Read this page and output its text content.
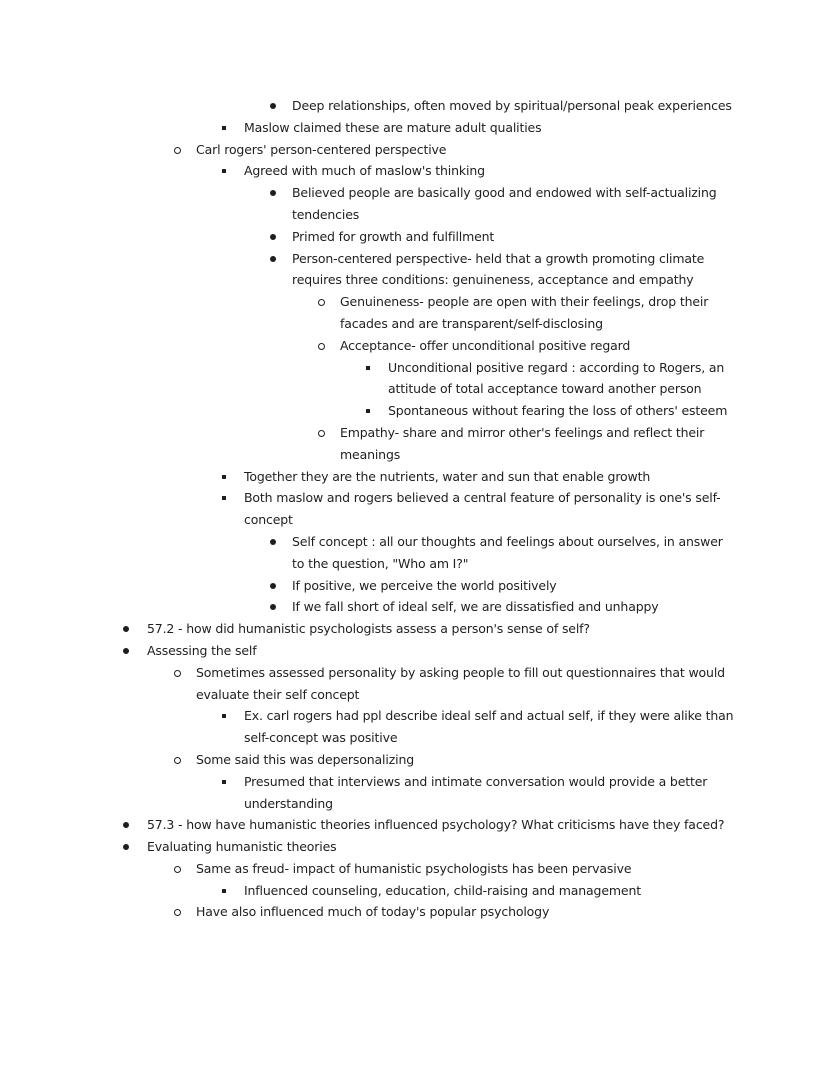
Deep relationships, often moved by spiritual/personal peak experiences
Maslow claimed these are mature adult qualities
Carl rogers' person-centered perspective
Agreed with much of maslow's thinking
Believed people are basically good and endowed with self-actualizing tendencies
Primed for growth and fulfillment
Person-centered perspective- held that a growth promoting climate requires three conditions: genuineness, acceptance and empathy
Genuineness- people are open with their feelings, drop their facades and are transparent/self-disclosing
Acceptance- offer unconditional positive regard
Unconditional positive regard : according to Rogers, an attitude of total acceptance toward another person
Spontaneous without fearing the loss of others' esteem
Empathy- share and mirror other's feelings and reflect their meanings
Together they are the nutrients, water and sun that enable growth
Both maslow and rogers believed a central feature of personality is one's self-concept
Self concept : all our thoughts and feelings about ourselves, in answer to the question, "Who am I?"
If positive, we perceive the world positively
If we fall short of ideal self, we are dissatisfied and unhappy
57.2 - how did humanistic psychologists assess a person's sense of self?
Assessing the self
Sometimes assessed personality by asking people to fill out questionnaires that would evaluate their self concept
Ex. carl rogers had ppl describe ideal self and actual self, if they were alike than self-concept was positive
Some said this was depersonalizing
Presumed that interviews and intimate conversation would provide a better understanding
57.3 - how have humanistic theories influenced psychology? What criticisms have they faced?
Evaluating humanistic theories
Same as freud- impact of humanistic psychologists has been pervasive
Influenced counseling, education, child-raising and management
Have also influenced much of today's popular psychology
